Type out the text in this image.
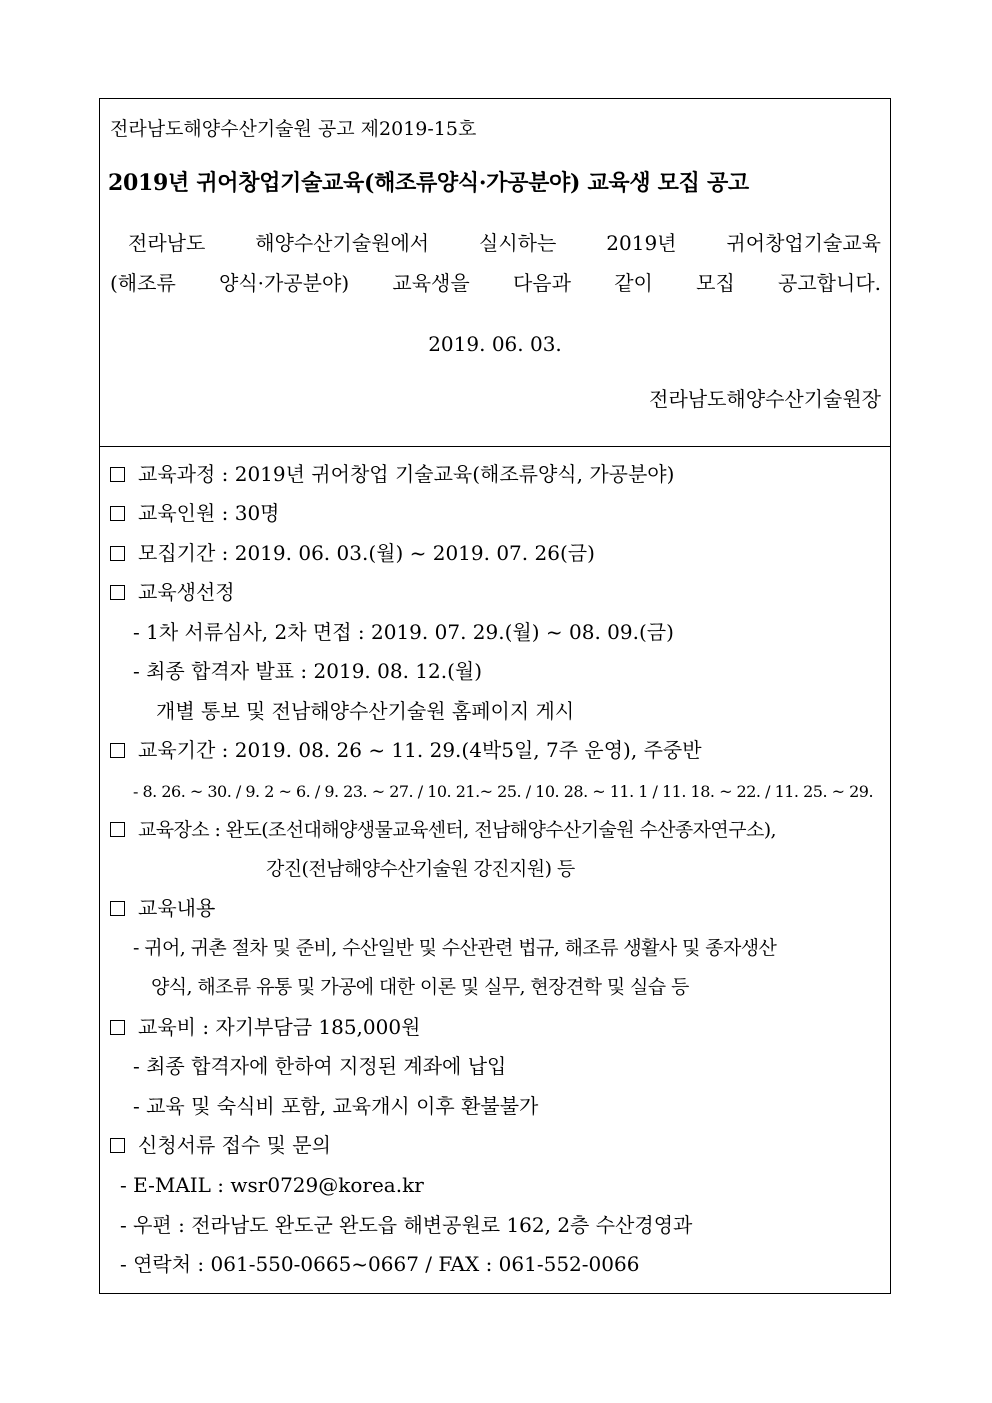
전라남도해양수산기술원 공고 제2019-15호
2019년 귀어창업기술교육(해조류양식·가공분야) 교육생 모집 공고
전라남도 해양수산기술원에서 실시하는 2019년 귀어창업기술교육
(해조류 양식·가공분야) 교육생을 다음과 같이 모집 공고합니다.
2019. 06. 03.
전라남도해양수산기술원장
교육과정 : 2019년 귀어창업 기술교육(해조류양식, 가공분야)
교육인원 : 30명
모집기간 : 2019. 06. 03.(월) ~ 2019. 07. 26(금)
교육생선정
- 1차 서류심사, 2차 면접 : 2019. 07. 29.(월) ~ 08. 09.(금)
- 최종 합격자 발표 : 2019. 08. 12.(월)
개별 통보 및 전남해양수산기술원 홈페이지 게시
교육기간 : 2019. 08. 26 ~ 11. 29.(4박5일, 7주 운영), 주중반
- 8. 26. ~ 30. / 9. 2 ~ 6. / 9. 23. ~ 27. / 10. 21.~ 25. / 10. 28. ~ 11. 1 / 11. 18. ~ 22. / 11. 25. ~ 29.
교육장소 : 완도(조선대해양생물교육센터, 전남해양수산기술원 수산종자연구소),
강진(전남해양수산기술원 강진지원) 등
교육내용
- 귀어, 귀촌 절차 및 준비, 수산일반 및 수산관련 법규, 해조류 생활사 및 종자생산
양식, 해조류 유통 및 가공에 대한 이론 및 실무, 현장견학 및 실습 등
교육비 : 자기부담금 185,000원
- 최종 합격자에 한하여 지정된 계좌에 납입
- 교육 및 숙식비 포함, 교육개시 이후 환불불가
신청서류 접수 및 문의
- E-MAIL : wsr0729@korea.kr
- 우편 : 전라남도 완도군 완도읍 해변공원로 162, 2층 수산경영과
- 연락처 : 061-550-0665~0667 / FAX : 061-552-0066
